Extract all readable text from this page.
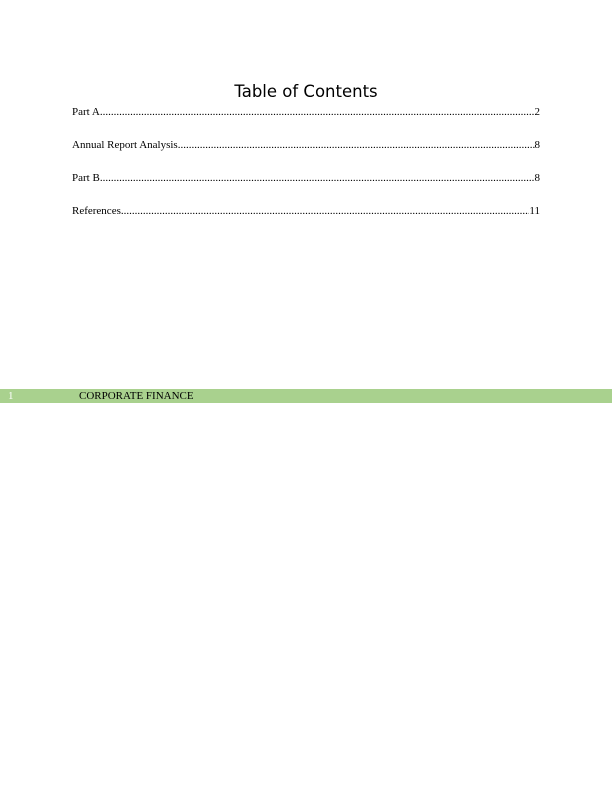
Table of Contents
Part A .....	2
Annual Report Analysis .....	8
Part B .....	8
References .....	11
1	CORPORATE FINANCE
